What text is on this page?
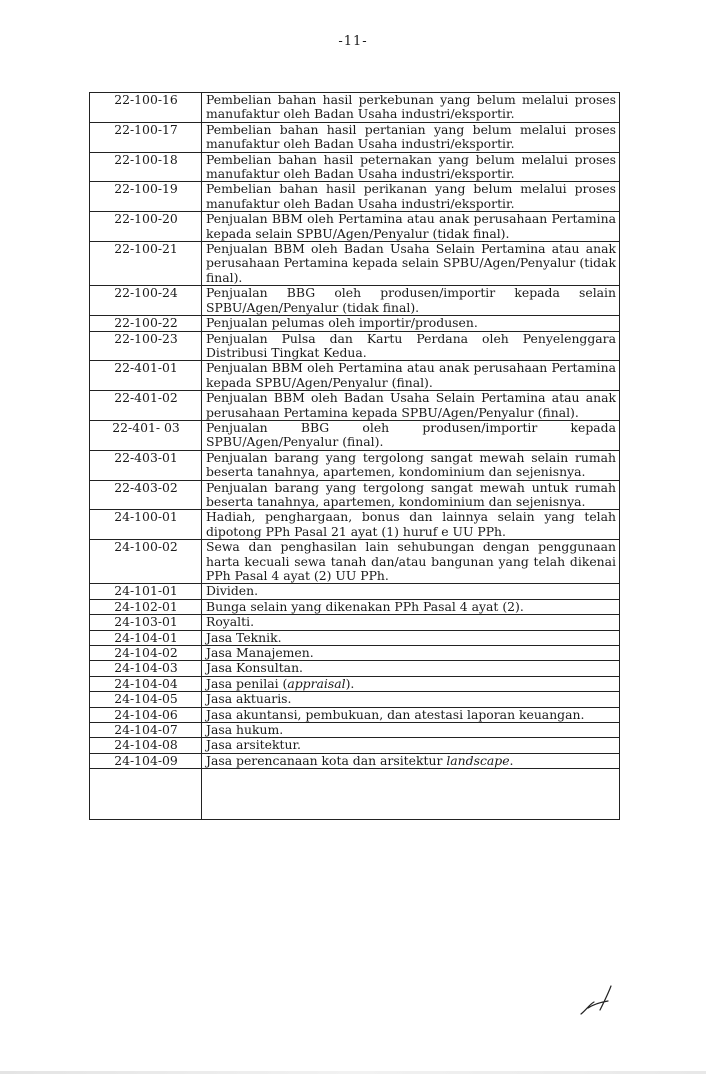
-11-
22-100-16	Pembelian bahan hasil perkebunan yang belum melalui proses manufaktur oleh Badan Usaha industri/eksportir.
22-100-17	Pembelian bahan hasil pertanian yang belum melalui proses manufaktur oleh Badan Usaha industri/eksportir.
22-100-18	Pembelian bahan hasil peternakan yang belum melalui proses manufaktur oleh Badan Usaha industri/eksportir.
22-100-19	Pembelian bahan hasil perikanan yang belum melalui proses manufaktur oleh Badan Usaha industri/eksportir.
22-100-20	Penjualan BBM oleh Pertamina atau anak perusahaan Pertamina kepada selain SPBU/Agen/Penyalur (tidak final).
22-100-21	Penjualan BBM oleh Badan Usaha Selain Pertamina atau anak perusahaan Pertamina kepada selain SPBU/Agen/Penyalur (tidak final).
22-100-24	Penjualan BBG oleh produsen/importir kepada selain SPBU/Agen/Penyalur (tidak final).
22-100-22	Penjualan pelumas oleh importir/produsen.
22-100-23	Penjualan Pulsa dan Kartu Perdana oleh Penyelenggara Distribusi Tingkat Kedua.
22-401-01	Penjualan BBM oleh Pertamina atau anak perusahaan Pertamina kepada SPBU/Agen/Penyalur (final).
22-401-02	Penjualan BBM oleh Badan Usaha Selain Pertamina atau anak perusahaan Pertamina kepada SPBU/Agen/Penyalur (final).
22-401- 03	Penjualan BBG oleh produsen/importir kepada SPBU/Agen/Penyalur (final).
22-403-01	Penjualan barang yang tergolong sangat mewah selain rumah beserta tanahnya, apartemen, kondominium dan sejenisnya.
22-403-02	Penjualan barang yang tergolong sangat mewah untuk rumah beserta tanahnya, apartemen, kondominium dan sejenisnya.
24-100-01	Hadiah, penghargaan, bonus dan lainnya selain yang telah dipotong PPh Pasal 21 ayat (1) huruf e UU PPh.
24-100-02	Sewa dan penghasilan lain sehubungan dengan penggunaan harta kecuali sewa tanah dan/atau bangunan yang telah dikenai PPh Pasal 4 ayat (2) UU PPh.
24-101-01	Dividen.
24-102-01	Bunga selain yang dikenakan PPh Pasal 4 ayat (2).
24-103-01	Royalti.
24-104-01	Jasa Teknik.
24-104-02	Jasa Manajemen.
24-104-03	Jasa Konsultan.
24-104-04	Jasa penilai (appraisal).
24-104-05	Jasa aktuaris.
24-104-06	Jasa akuntansi, pembukuan, dan atestasi laporan keuangan.
24-104-07	Jasa hukum.
24-104-08	Jasa arsitektur.
24-104-09	Jasa perencanaan kota dan arsitektur landscape.
